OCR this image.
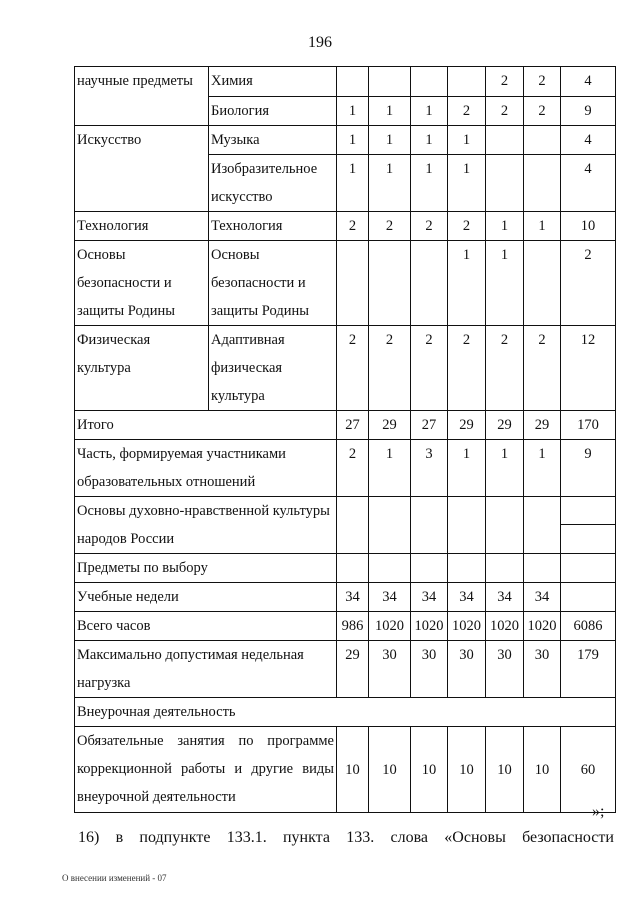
196
научные предметы	Химия					2	2	4
	Биология	1	1	1	2	2	2	9
Искусство	Музыка	1	1	1	1			4
	Изобразительное искусство	1	1	1	1			4
Технология	Технология	2	2	2	2	1	1	10
Основы безопасности и защиты Родины	Основы безопасности и защиты Родины				1	1		2
Физическая культура	Адаптивная физическая культура	2	2	2	2	2	2	12
Итого		27	29	27	29	29	29	170
Часть, формируемая участниками образовательных отношений		2	1	3	1	1	1	9
Основы духовно-нравственной культуры народов России								

Предметы по выбору								
Учебные недели		34	34	34	34	34	34	
Всего часов		986	1020	1020	1020	1020	1020	6086
Максимально допустимая недельная нагрузка		29	30	30	30	30	30	179
Внеурочная деятельность								
Обязательные занятия по программе коррекционной работы и другие виды внеурочной деятельности		10	10	10	10	10	10	60
»;
16) в подпункте 133.1. пункта 133. слова «Основы безопасности
О внесении изменений - 07
